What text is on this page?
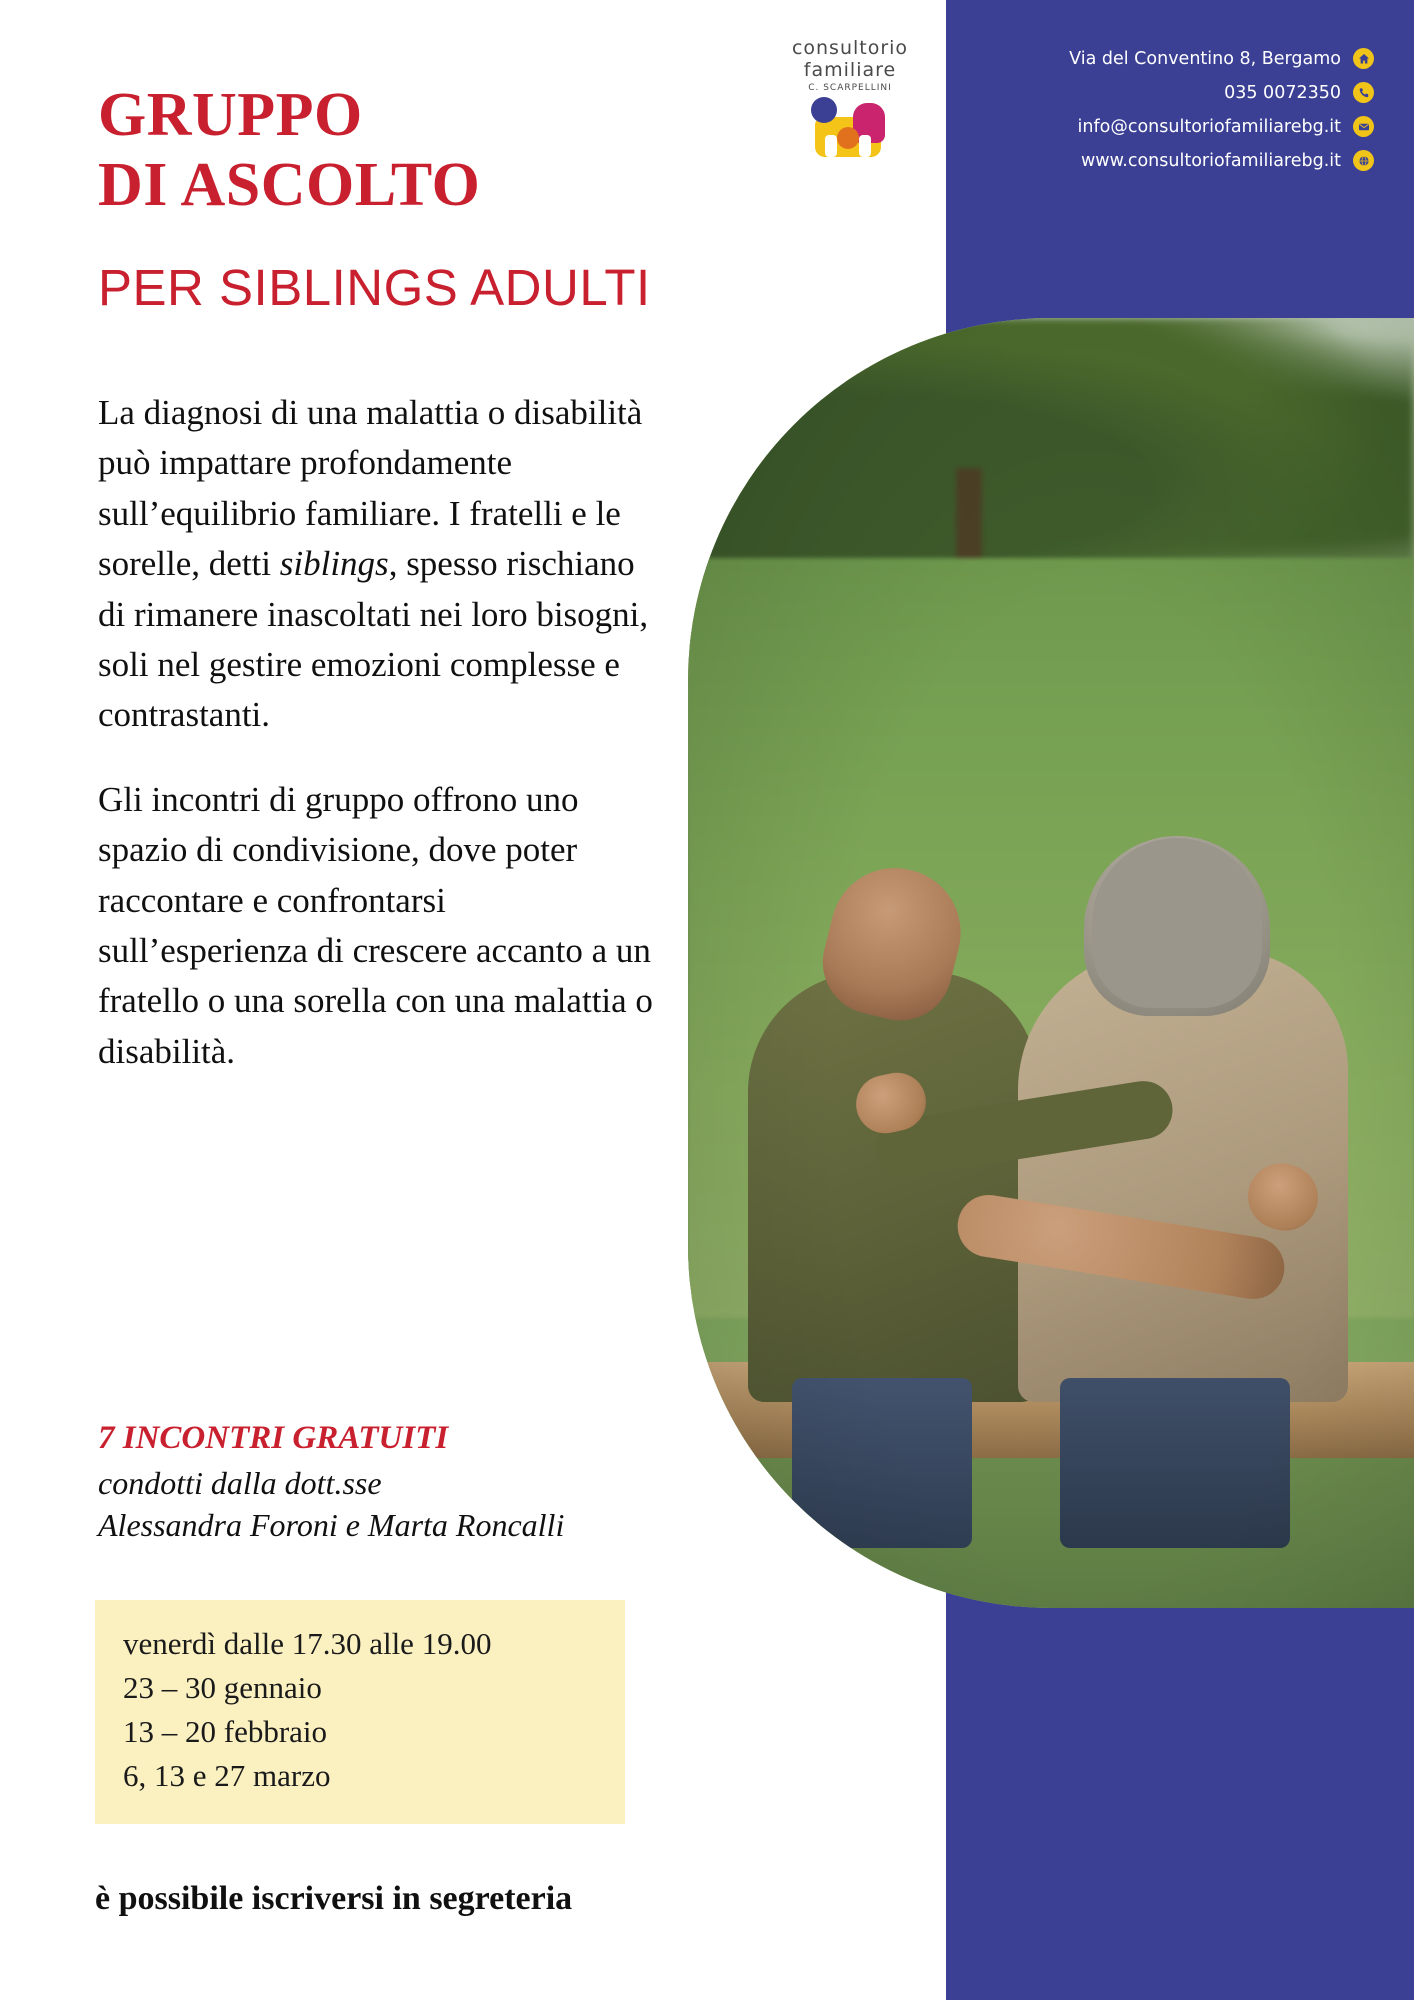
consultorio
familiare
C. SCARPELLINI
Via del Conventino 8, Bergamo
035 0072350
info@consultoriofamiliarebg.it
www.consultoriofamiliarebg.it
GRUPPO
DI ASCOLTO
PER SIBLINGS ADULTI

La diagnosi di una malattia o disabilità può impattare profondamente sull’equilibrio familiare. I fratelli e le sorelle, detti siblings, spesso rischiano di rimanere inascoltati nei loro bisogni, soli nel gestire emozioni complesse e contrastanti.

Gli incontri di gruppo offrono uno spazio di condivisione, dove poter raccontare e confrontarsi sull’esperienza di crescere accanto a un fratello o una sorella con una malattia o disabilità.

7 INCONTRI GRATUITI
condotti dalla dott.sse
Alessandra Foroni e Marta Roncalli
venerdì dalle 17.30 alle 19.00
23 – 30 gennaio
13 – 20 febbraio
6, 13 e 27 marzo
è possibile iscriversi in segreteria
